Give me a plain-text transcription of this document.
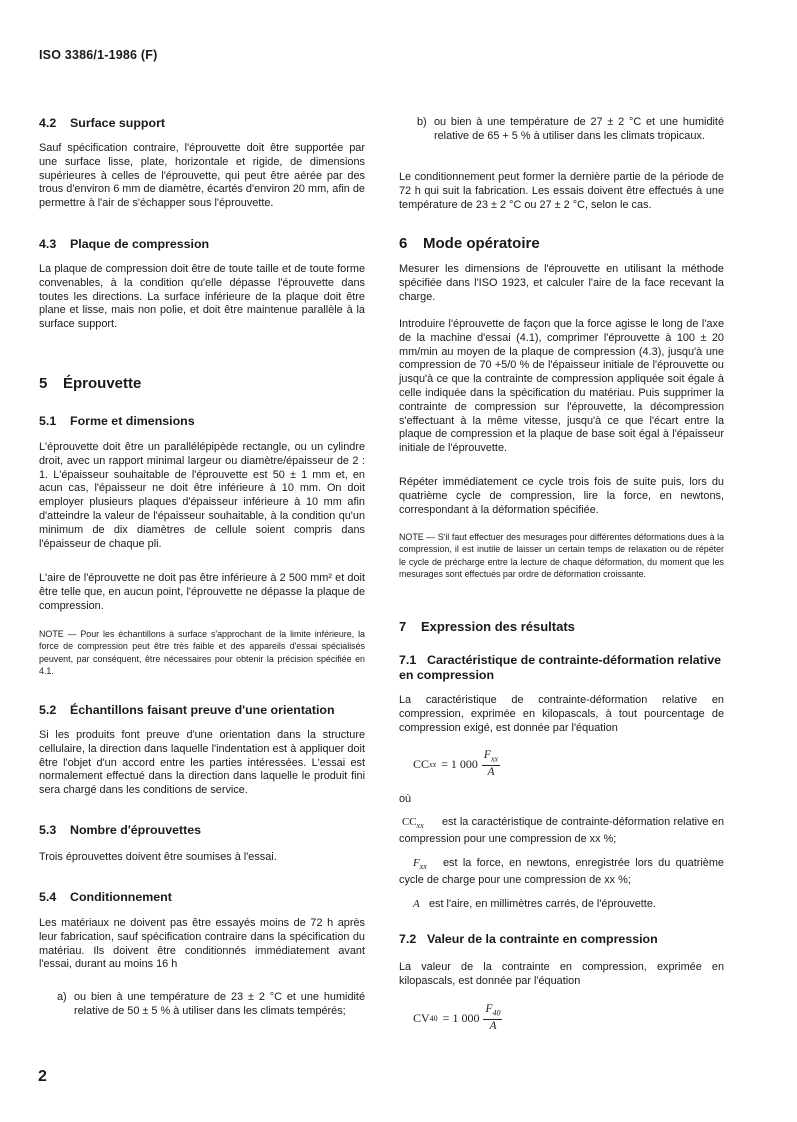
ISO 3386/1-1986 (F)
4.2 Surface support

Sauf spécification contraire, l'éprouvette doit être supportée par une surface lisse, plate, horizontale et rigide, de dimensions supérieures à celles de l'éprouvette, qui peut être aérée par des trous d'environ 6 mm de diamètre, écartés d'environ 20 mm, afin de permettre à l'air de s'échapper sous l'éprouvette.

4.3 Plaque de compression

La plaque de compression doit être de toute taille et de toute forme convenables, à la condition qu'elle dépasse l'éprouvette dans toutes les directions. La surface inférieure de la plaque doit être plane et lisse, mais non polie, et doit être maintenue parallèle à la surface support.

5 Éprouvette
5.1 Forme et dimensions

L'éprouvette doit être un parallélépipède rectangle, ou un cylindre droit, avec un rapport minimal largeur ou diamètre/épaisseur de 2 : 1. L'épaisseur souhaitable de l'éprouvette est 50 ± 1 mm et, en acun cas, l'épaisseur ne doit être inférieure à 10 mm. On doit employer plusieurs plaques d'épaisseur inférieure à 10 mm afin d'atteindre la valeur de l'épaisseur souhaitable, à la condition qu'un minimum de dix diamètres de cellule soient compris dans l'épaisseur de chaque pli.

L'aire de l'éprouvette ne doit pas être inférieure à 2 500 mm² et doit être telle que, en aucun point, l'éprouvette ne dépasse la plaque de compression.

NOTE — Pour les échantillons à surface s'approchant de la limite inférieure, la force de compression peut être très faible et des appareils d'essai spécialisés peuvent, par conséquent, être nécessaires pour obtenir la précision spécifiée en 4.1.

5.2 Échantillons faisant preuve d'une orientation

Si les produits font preuve d'une orientation dans la structure cellulaire, la direction dans laquelle l'indentation est à appliquer doit être l'objet d'un accord entre les parties intéressées. L'essai est normalement effectué dans la direction dans laquelle le produit fini sera chargé dans les conditions de service.

5.3 Nombre d'éprouvettes

Trois éprouvettes doivent être soumises à l'essai.

5.4 Conditionnement

Les matériaux ne doivent pas être essayés moins de 72 h après leur fabrication, sauf spécification contraire dans la spécification du matériau. Ils doivent être conditionnés immédiatement avant l'essai, durant au moins 16 h

a) ou bien à une température de 23 ± 2 °C et une humidité relative de 50 ± 5 % à utiliser dans les climats tempérés;
b) ou bien à une température de 27 ± 2 °C et une humidité relative de 65 + 5 % à utiliser dans les climats tropicaux.

Le conditionnement peut former la dernière partie de la période de 72 h qui suit la fabrication. Les essais doivent être effectués à une température de 23 ± 2 °C ou 27 ± 2 °C, selon le cas.

6 Mode opératoire

Mesurer les dimensions de l'éprouvette en utilisant la méthode spécifiée dans l'ISO 1923, et calculer l'aire de la face recevant la charge.

Introduire l'éprouvette de façon que la force agisse le long de l'axe de la machine d'essai (4.1), comprimer l'éprouvette à 100 ± 20 mm/min au moyen de la plaque de compression (4.3), jusqu'à une compression de 70 +5/0 % de l'épaisseur initiale de l'éprouvette ou jusqu'à ce que la contrainte de compression appliquée soit égale à celle indiquée dans la spécification du matériau. Puis supprimer la contrainte de compression sur l'éprouvette, la décompression s'effectuant à la même vitesse, jusqu'à ce que l'écart entre la plaque de compression et la plaque de base soit égal à l'épaisseur initiale de l'éprouvette.

Répéter immédiatement ce cycle trois fois de suite puis, lors du quatrième cycle de compression, lire la force, en newtons, correspondant à la déformation spécifiée.

NOTE — S'il faut effectuer des mesurages pour différentes déformations dues à la compression, il est inutile de laisser un certain temps de relaxation ou de répéter le cycle de précharge entre la lecture de chaque déformation, du moment que les mesurages sont effectués par ordre de déformation croissante.

7 Expression des résultats
7.1 Caractéristique de contrainte-déformation relative en compression

La caractéristique de contrainte-déformation relative en compression, exprimée en kilopascals, à tout pourcentage de compression exigé, est donnée par l'équation

CC xx = 1 $000 \frac{F_{xx}}{A}$
où

$CC_{xx}$ est la caractéristique de contrainte-déformation relative en compression pour une compression de xx %;

$F_{xx}$ est la force, en newtons, enregistrée lors du quatrième cycle de charge pour une compression de xx %;

A est l'aire, en millimètres carrés, de l'éprouvette.

7.2 Valeur de la contrainte en compression

La valeur de la contrainte en compression, exprimée en kilopascals, est donnée par l'équation

CV 40 = 1 $000 \frac{F_{40}}{A}$
2
